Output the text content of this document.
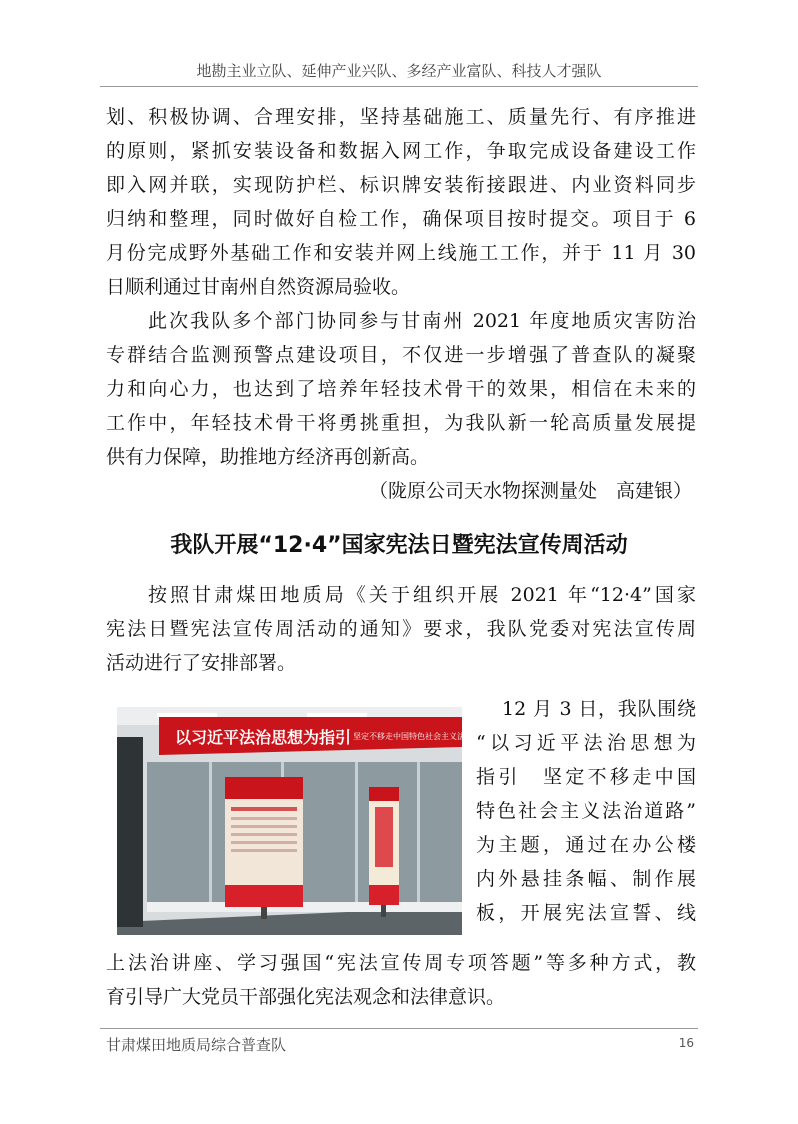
地勘主业立队、延伸产业兴队、多经产业富队、科技人才强队
划、积极协调、合理安排，坚持基础施工、质量先行、有序推进
的原则，紧抓安装设备和数据入网工作，争取完成设备建设工作
即入网并联，实现防护栏、标识牌安装衔接跟进、内业资料同步
归纳和整理，同时做好自检工作，确保项目按时提交。项目于 6
月份完成野外基础工作和安装并网上线施工工作，并于 11 月 30
日顺利通过甘南州自然资源局验收。
此次我队多个部门协同参与甘南州 2021 年度地质灾害防治
专群结合监测预警点建设项目，不仅进一步增强了普查队的凝聚
力和向心力，也达到了培养年轻技术骨干的效果，相信在未来的
工作中，年轻技术骨干将勇挑重担，为我队新一轮高质量发展提
供有力保障，助推地方经济再创新高。
（陇原公司天水物探测量处　高建银）
我队开展“12·4”国家宪法日暨宪法宣传周活动
按照甘肃煤田地质局《关于组织开展 2021 年“12·4”国家
宪法日暨宪法宣传周活动的通知》要求，我队党委对宪法宣传周
活动进行了安排部署。
以习近平法治思想为指引 坚定不移走中国特色社会主义法治道路
12 月 3 日，我队围绕
“以习近平法治思想为
指引　坚定不移走中国
特色社会主义法治道路”
为主题，通过在办公楼
内外悬挂条幅、制作展
板，开展宪法宣誓、线
上法治讲座、学习强国“宪法宣传周专项答题”等多种方式，教
育引导广大党员干部强化宪法观念和法律意识。
甘肃煤田地质局综合普查队	16
